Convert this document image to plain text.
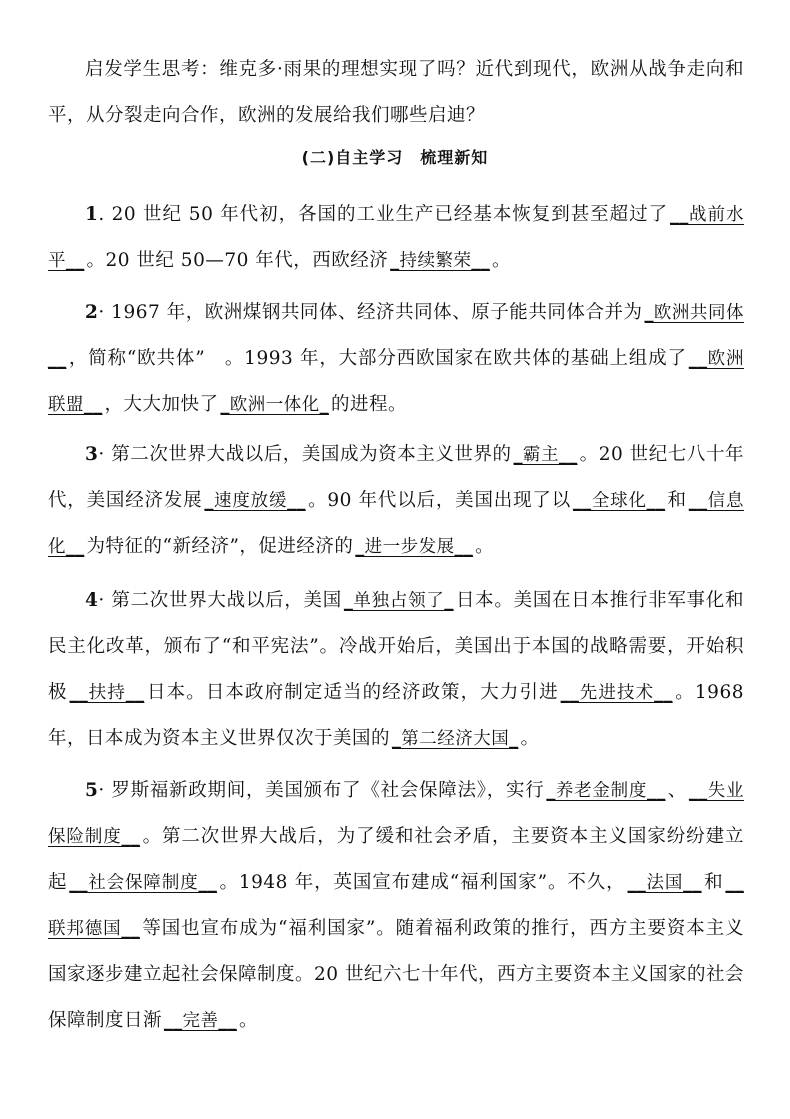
启发学生思考：维克多·雨果的理想实现了吗？近代到现代，欧洲从战争走向和平，从分裂走向合作，欧洲的发展给我们哪些启迪？
(二)自主学习　梳理新知
1. 20 世纪 50 年代初，各国的工业生产已经基本恢复到甚至超过了 __战前水平__ 。20 世纪 50—70 年代，西欧经济 _持续繁荣__ 。
2· 1967 年，欧洲煤钢共同体、经济共同体、原子能共同体合并为 _欧洲共同体__ ，简称“欧共体”　。1993 年，大部分西欧国家在欧共体的基础上组成了 __欧洲联盟__ ，大大加快了 _欧洲一体化_ 的进程。
3· 第二次世界大战以后，美国成为资本主义世界的 _霸主__ 。20 世纪七八十年代，美国经济发展 _速度放缓__ 。90 年代以后，美国出现了以 __全球化__ 和 __信息化__ 为特征的“新经济”，促进经济的 _进一步发展__ 。
4· 第二次世界大战以后，美国 _单独占领了_ 日本。美国在日本推行非军事化和民主化改革，颁布了“和平宪法”。冷战开始后，美国出于本国的战略需要，开始积极 __扶持__ 日本。日本政府制定适当的经济政策，大力引进 __先进技术__ 。1968 年，日本成为资本主义世界仅次于美国的 _第二经济大国_ 。
5· 罗斯福新政期间，美国颁布了《社会保障法》，实行 _养老金制度__ 、 __失业保险制度__ 。第二次世界大战后，为了缓和社会矛盾，主要资本主义国家纷纷建立起 __社会保障制度__ 。1948 年，英国宣布建成“福利国家”。不久， __法国__ 和 __联邦德国__ 等国也宣布成为“福利国家”。随着福利政策的推行，西方主要资本主义国家逐步建立起社会保障制度。20 世纪六七十年代，西方主要资本主义国家的社会保障制度日渐 __完善__ 。
